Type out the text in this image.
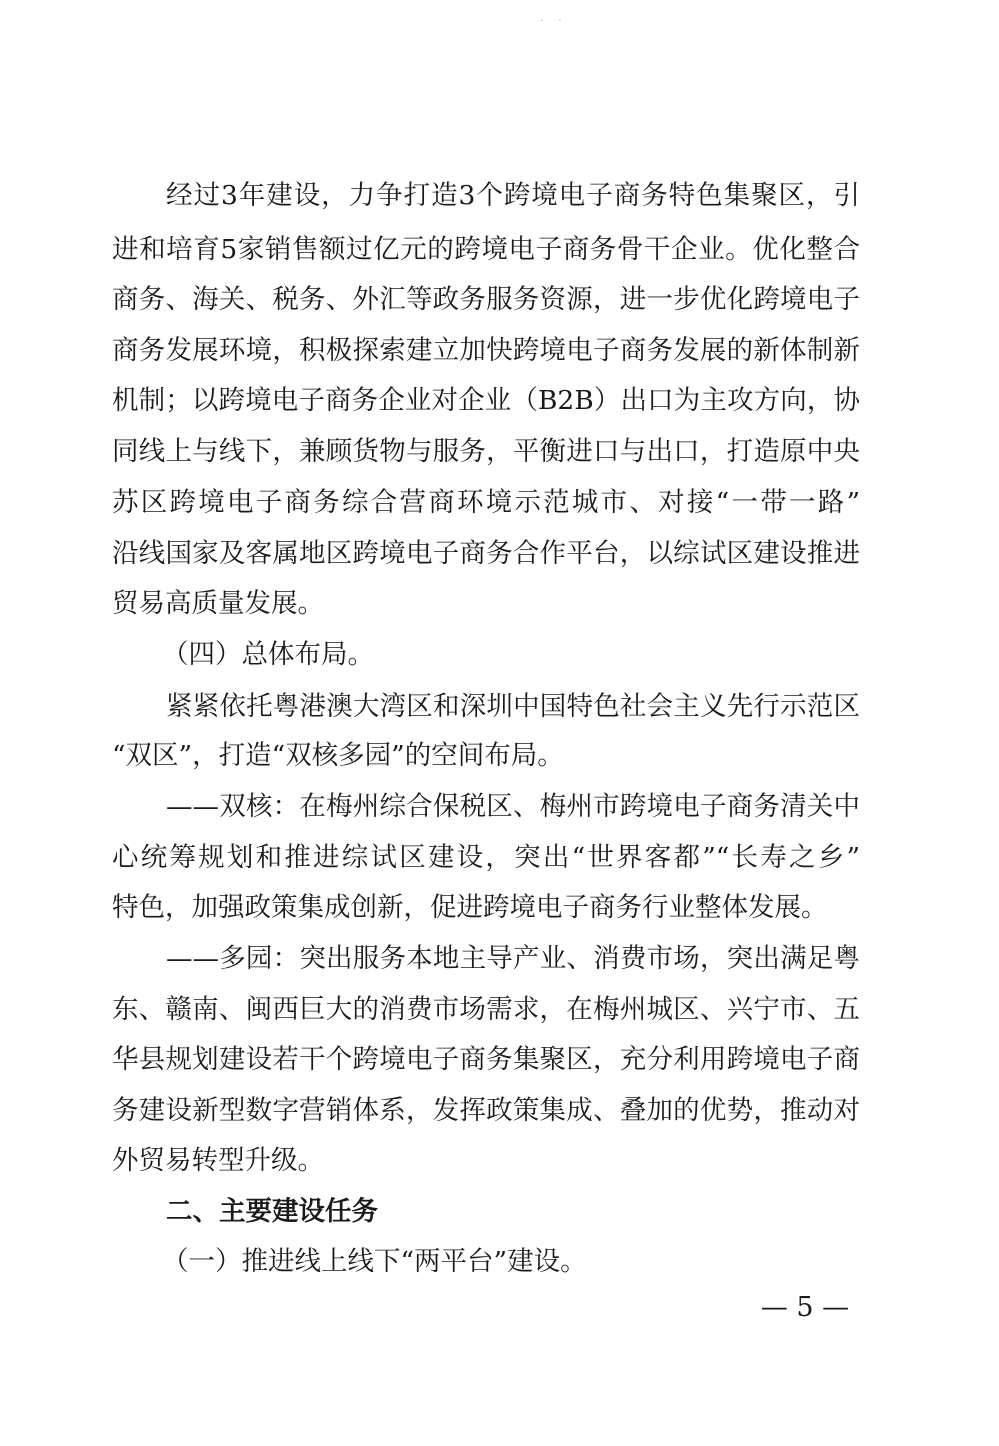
· ·
经过3年建设，力争打造3个跨境电子商务特色集聚区，引
进和培育5家销售额过亿元的跨境电子商务骨干企业。优化整合
商务、海关、税务、外汇等政务服务资源，进一步优化跨境电子
商务发展环境，积极探索建立加快跨境电子商务发展的新体制新
机制；以跨境电子商务企业对企业（B2B）出口为主攻方向，协
同线上与线下，兼顾货物与服务，平衡进口与出口，打造原中央
苏区跨境电子商务综合营商环境示范城市、对接“一带一路”
沿线国家及客属地区跨境电子商务合作平台，以综试区建设推进
贸易高质量发展。
（四）总体布局。
紧紧依托粤港澳大湾区和深圳中国特色社会主义先行示范区
“双区”，打造“双核多园”的空间布局。
——双核：在梅州综合保税区、梅州市跨境电子商务清关中
心统筹规划和推进综试区建设，突出“世界客都”“长寿之乡”
特色，加强政策集成创新，促进跨境电子商务行业整体发展。
——多园：突出服务本地主导产业、消费市场，突出满足粤
东、赣南、闽西巨大的消费市场需求，在梅州城区、兴宁市、五
华县规划建设若干个跨境电子商务集聚区，充分利用跨境电子商
务建设新型数字营销体系，发挥政策集成、叠加的优势，推动对
外贸易转型升级。
二、主要建设任务
（一）推进线上线下“两平台”建设。
— 5 —
